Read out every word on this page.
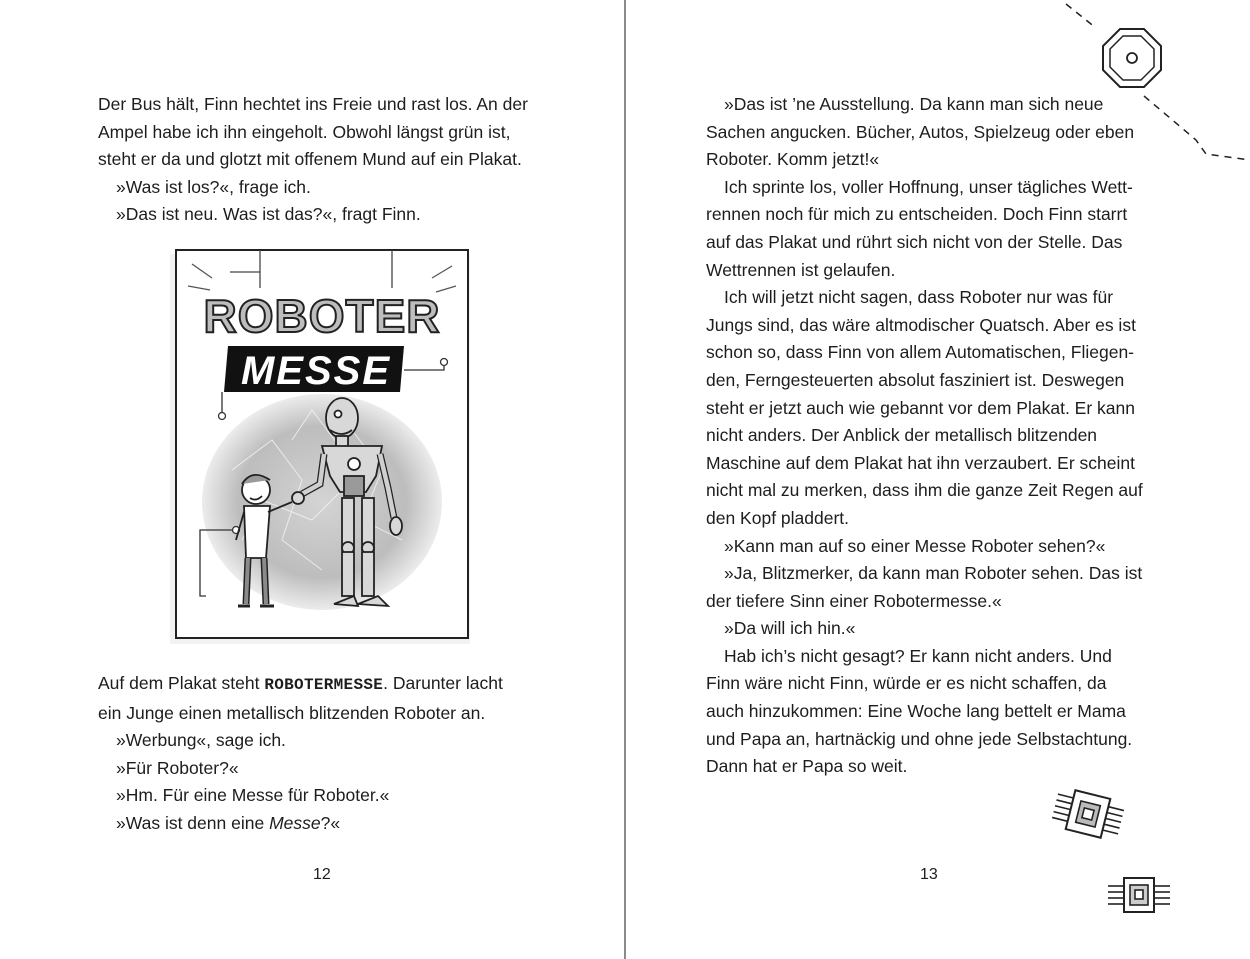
Der Bus hält, Finn hechtet ins Freie und rast los. An der

Ampel habe ich ihn eingeholt. Obwohl längst grün ist,

steht er da und glotzt mit offenem Mund auf ein Plakat.

»Was ist los?«, frage ich.

»Das ist neu. Was ist das?«, fragt Finn.

ROBOTER
MESSE

Auf dem Plakat steht ROBOTERMESSE. Darunter lacht

ein Junge einen metallisch blitzenden Roboter an.

»Werbung«, sage ich.

»Für Roboter?«

»Hm. Für eine Messe für Roboter.«

»Was ist denn eine Messe?«

12

»Das ist ’ne Ausstellung. Da kann man sich neue

Sachen angucken. Bücher, Autos, Spielzeug oder eben

Roboter. Komm jetzt!«

Ich sprinte los, voller Hoffnung, unser tägliches Wett-

rennen noch für mich zu entscheiden. Doch Finn starrt

auf das Plakat und rührt sich nicht von der Stelle. Das

Wettrennen ist gelaufen.

Ich will jetzt nicht sagen, dass Roboter nur was für

Jungs sind, das wäre altmodischer Quatsch. Aber es ist

schon so, dass Finn von allem Automatischen, Fliegen-

den, Ferngesteuerten absolut fasziniert ist. Deswegen

steht er jetzt auch wie gebannt vor dem Plakat. Er kann

nicht anders. Der Anblick der metallisch blitzenden

Maschine auf dem Plakat hat ihn verzaubert. Er scheint

nicht mal zu merken, dass ihm die ganze Zeit Regen auf

den Kopf pladdert.

»Kann man auf so einer Messe Roboter sehen?«

»Ja, Blitzmerker, da kann man Roboter sehen. Das ist

der tiefere Sinn einer Robotermesse.«

»Da will ich hin.«

Hab ich’s nicht gesagt? Er kann nicht anders. Und

Finn wäre nicht Finn, würde er es nicht schaffen, da

auch hinzukommen: Eine Woche lang bettelt er Mama

und Papa an, hartnäckig und ohne jede Selbstachtung.

Dann hat er Papa so weit.

13
